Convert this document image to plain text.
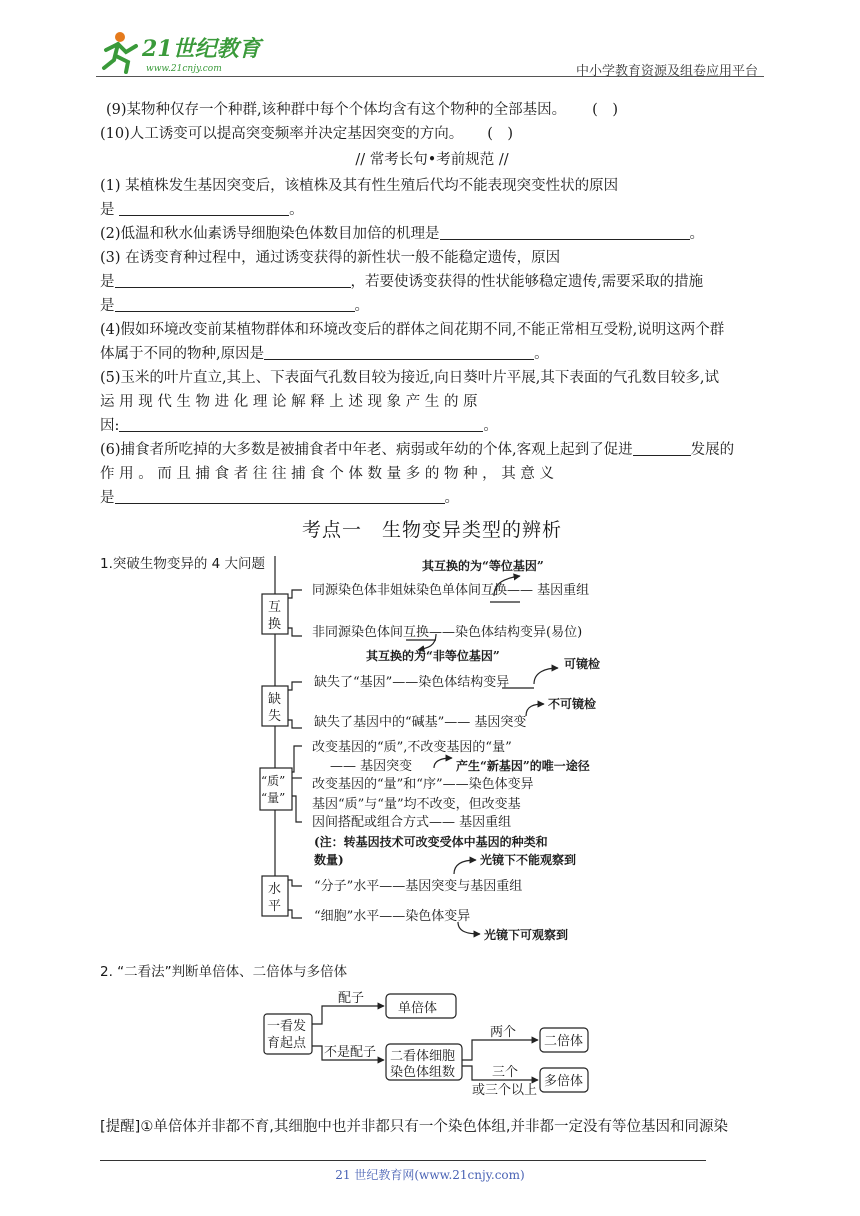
21世纪教育
www.21cnjy.com	中小学教育资源及组卷应用平台
(9)某物种仅存一个种群,该种群中每个个体均含有这个物种的全部基因。 (　)
(10)人工诱变可以提高突变频率并决定基因突变的方向。 (　)
// 常考长句•考前规范 //
(1) 某植株发生基因突变后，该植株及其有性生殖后代均不能表现突变性状的原因
是	。
(2)低温和秋水仙素诱导细胞染色体数目加倍的机理是	。
(3) 在诱变育种过程中，通过诱变获得的新性状一般不能稳定遗传，原因
是	，若要使诱变获得的性状能够稳定遗传,需要采取的措施
是	。
(4)假如环境改变前某植物群体和环境改变后的群体之间花期不同,不能正常相互受粉,说明这两个群
体属于不同的物种,原因是	。
(5)玉米的叶片直立,其上、下表面气孔数目较为接近,向日葵叶片平展,其下表面的气孔数目较多,试
运 用 现 代 生 物 进 化 理 论 解 释 上 述 现 象 产 生 的 原
因:	。
(6)捕食者所吃掉的大多数是被捕食者中年老、病弱或年幼的个体,客观上起到了促进	发展的
作 用 。 而 且 捕 食 者 往 往 捕 食 个 体 数 量 多 的 物 种 ， 其 意 义
是	。
考点一　生物变异类型的辨析
1.突破生物变异的 4 大问题
互换
缺失
“质” “量”
水平
其互换的为“等位基因”
同源染色体非姐妹染色单体间互换—— 基因重组
非同源染色体间互换——染色体结构变异(易位)
其互换的为“非等位基因”
可镜检
缺失了“基因”——染色体结构变异
不可镜检
缺失了基因中的“碱基”—— 基因突变
改变基因的“质”,不改变基因的“量”
—— 基因突变	产生“新基因”的唯一途径
改变基因的“量”和“序”——染色体变异
基因“质”与“量”均不改变，但改变基
因间搭配或组合方式—— 基因重组
(注：转基因技术可改变受体中基因的种类和
数量)	光镜下不能观察到
“分子”水平——基因突变与基因重组
“细胞”水平——染色体变异
光镜下可观察到
2. “二看法”判断单倍体、二倍体与多倍体
一看发育起点
配子
单倍体
不是配子 二看体细胞染色体组数
两个
二倍体
三个
或三个以上
多倍体
[提醒]①单倍体并非都不育,其细胞中也并非都只有一个染色体组,并非都一定没有等位基因和同源染
21 世纪教育网(www.21cnjy.com)
